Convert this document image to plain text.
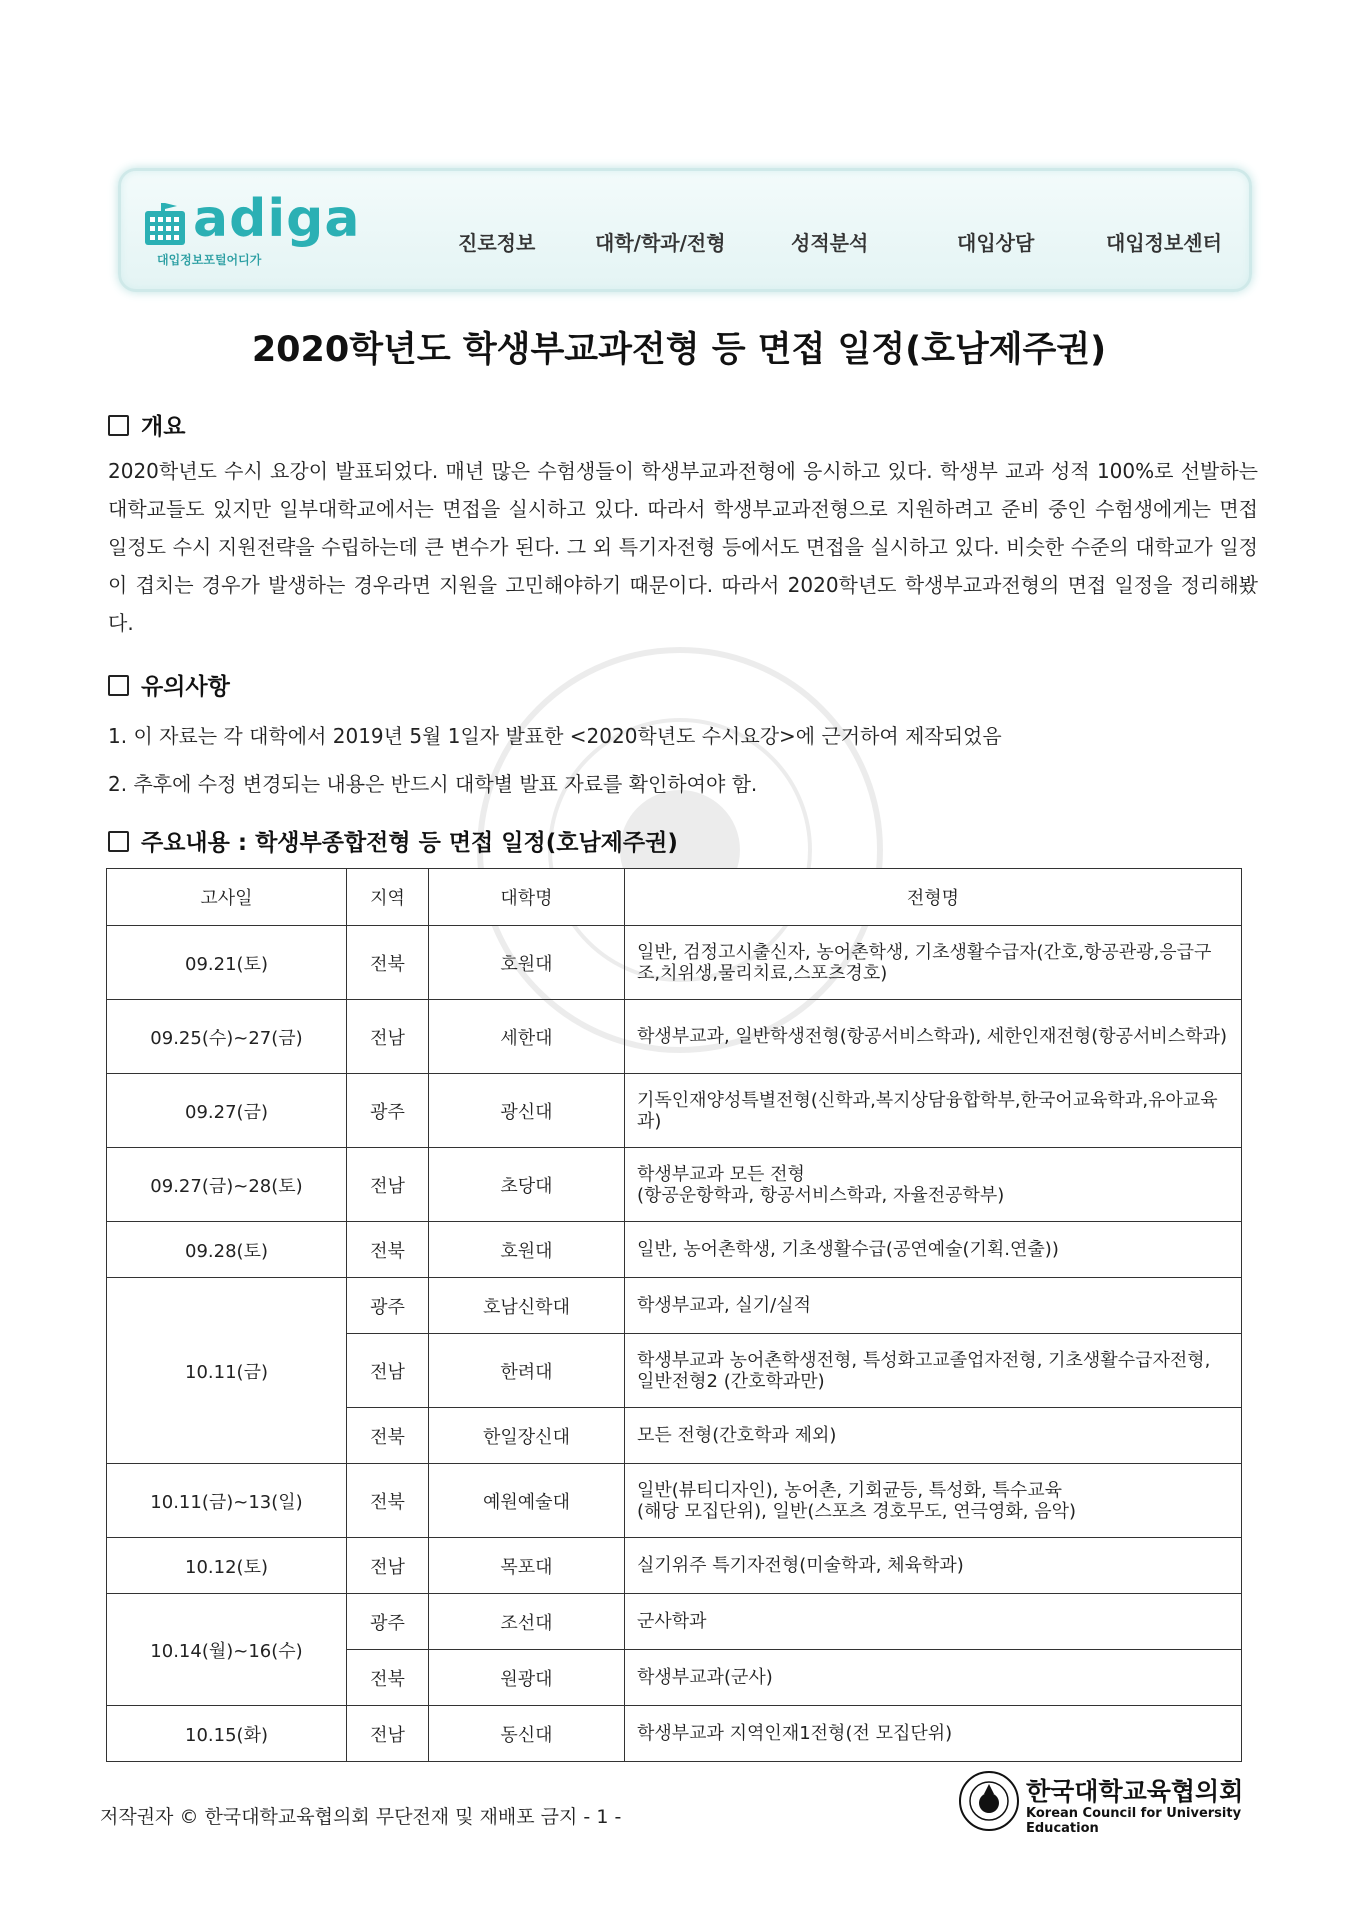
adiga
대입정보포털어디가
진로정보	대학/학과/전형	성적분석	대입상담	대입정보센터
2020학년도 학생부교과전형 등 면접 일정(호남제주권)
개요
2020학년도 수시 요강이 발표되었다. 매년 많은 수험생들이 학생부교과전형에 응시하고 있다. 학생부 교과 성적 100%로 선발하는 대학교들도 있지만 일부대학교에서는 면접을 실시하고 있다. 따라서 학생부교과전형으로 지원하려고 준비 중인 수험생에게는 면접 일정도 수시 지원전략을 수립하는데 큰 변수가 된다. 그 외 특기자전형 등에서도 면접을 실시하고 있다. 비슷한 수준의 대학교가 일정이 겹치는 경우가 발생하는 경우라면 지원을 고민해야하기 때문이다. 따라서 2020학년도 학생부교과전형의 면접 일정을 정리해봤다.
유의사항
1. 이 자료는 각 대학에서 2019년 5월 1일자 발표한 <2020학년도 수시요강>에 근거하여 제작되었음
2. 추후에 수정 변경되는 내용은 반드시 대학별 발표 자료를 확인하여야 함.
주요내용 : 학생부종합전형 등 면접 일정(호남제주권)
고사일	지역	대학명	전형명
09.21(토)	전북	호원대	일반, 검정고시출신자, 농어촌학생, 기초생활수급자(간호,항공관광,응급구조,치위생,물리치료,스포츠경호)
09.25(수)~27(금)	전남	세한대	학생부교과, 일반학생전형(항공서비스학과), 세한인재전형(항공서비스학과)
09.27(금)	광주	광신대	기독인재양성특별전형(신학과,복지상담융합학부,한국어교육학과,유아교육과)
09.27(금)~28(토)	전남	초당대	학생부교과 모든 전형
(항공운항학과, 항공서비스학과, 자율전공학부)
09.28(토)	전북	호원대	일반, 농어촌학생, 기초생활수급(공연예술(기획.연출))
10.11(금)	광주	호남신학대	학생부교과, 실기/실적
	전남	한려대	학생부교과 농어촌학생전형, 특성화고교졸업자전형, 기초생활수급자전형, 일반전형2 (간호학과만)
	전북	한일장신대	모든 전형(간호학과 제외)
10.11(금)~13(일)	전북	예원예술대	일반(뷰티디자인), 농어촌, 기회균등, 특성화, 특수교육
(해당 모집단위), 일반(스포츠 경호무도, 연극영화, 음악)
10.12(토)	전남	목포대	실기위주 특기자전형(미술학과, 체육학과)
10.14(월)~16(수)	광주	조선대	군사학과
	전북	원광대	학생부교과(군사)
10.15(화)	전남	동신대	학생부교과 지역인재1전형(전 모집단위)
저작권자 © 한국대학교육협의회 무단전재 및 재배포 금지 - 1 -
한국대학교육협의회
Korean Council for University Education
